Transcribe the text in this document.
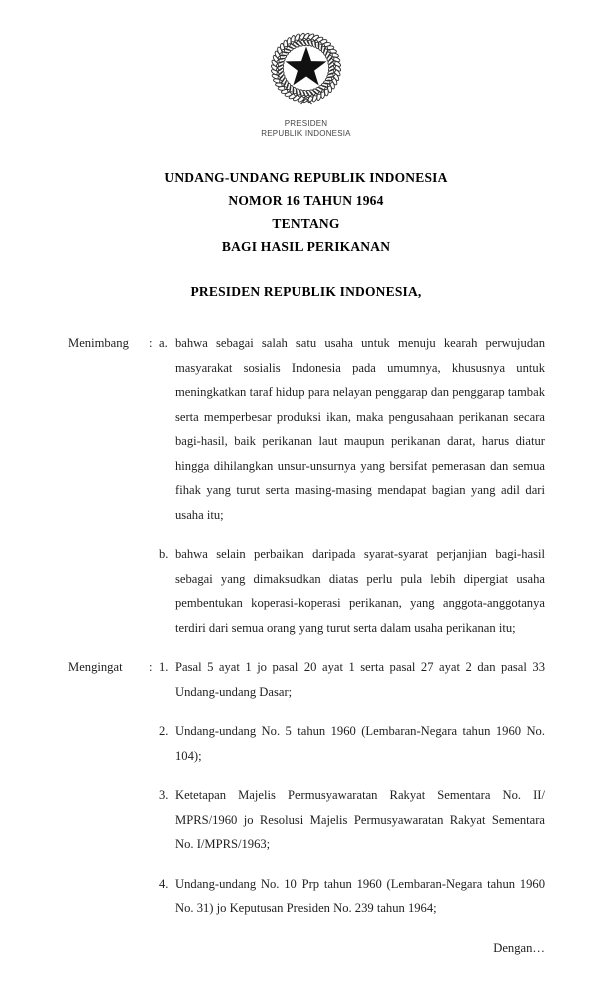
PRESIDEN
REPUBLIK INDONESIA
UNDANG-UNDANG REPUBLIK INDONESIA
NOMOR 16 TAHUN 1964
TENTANG
BAGI HASIL PERIKANAN
PRESIDEN REPUBLIK INDONESIA,
Menimbang	: a. bahwa sebagai salah satu usaha untuk menuju kearah perwujudan masyarakat sosialis Indonesia pada umumnya, khususnya untuk meningkatkan taraf hidup para nelayan penggarap dan penggarap tambak serta memperbesar produksi ikan, maka pengusahaan perikanan secara bagi-hasil, baik perikanan laut maupun perikanan darat, harus diatur hingga dihilangkan unsur-unsurnya yang bersifat pemerasan dan semua fihak yang turut serta masing-masing mendapat bagian yang adil dari usaha itu;
b. bahwa selain perbaikan daripada syarat-syarat perjanjian bagi-hasil sebagai yang dimaksudkan diatas perlu pula lebih dipergiat usaha pembentukan koperasi-koperasi perikanan, yang anggota-anggotanya terdiri dari semua orang yang turut serta dalam usaha perikanan itu;
Mengingat	: 1. Pasal 5 ayat 1 jo pasal 20 ayat 1 serta pasal 27 ayat 2 dan pasal 33 Undang-undang Dasar;
2. Undang-undang No. 5 tahun 1960 (Lembaran-Negara tahun 1960 No. 104);
3. Ketetapan Majelis Permusyawaratan Rakyat Sementara No. II/ MPRS/1960 jo Resolusi Majelis Permusyawaratan Rakyat Sementara No. I/MPRS/1963;
4. Undang-undang No. 10 Prp tahun 1960 (Lembaran-Negara tahun 1960 No. 31) jo Keputusan Presiden No. 239 tahun 1964;
Dengan…
